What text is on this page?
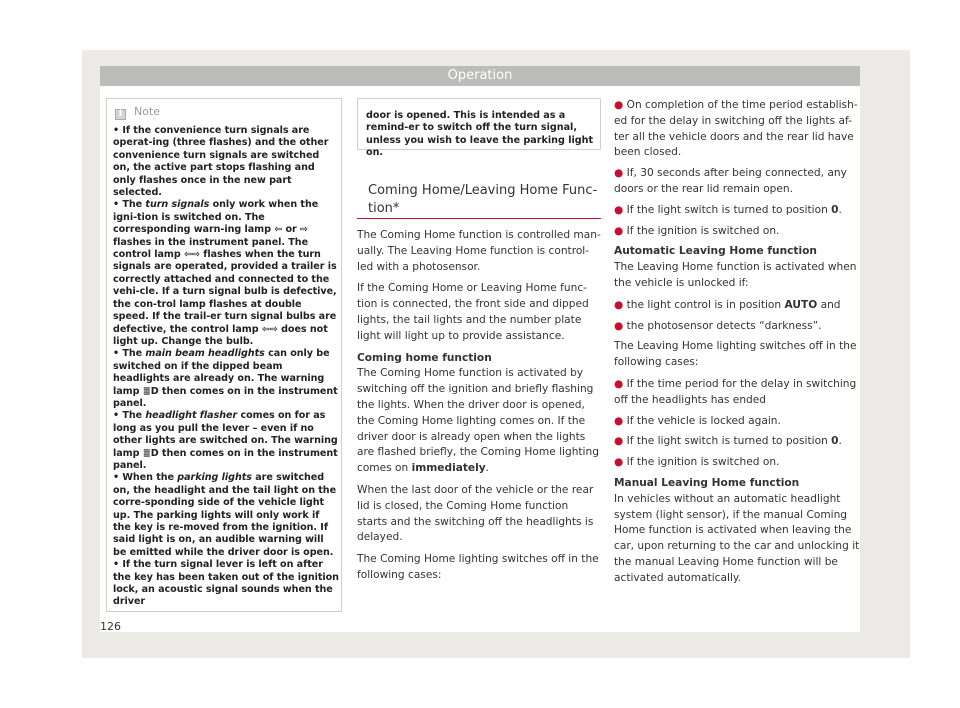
Operation
i Note

• If the convenience turn signals are operat-ing (three flashes) and the other convenience turn signals are switched on, the active part stops flashing and only flashes once in the new part selected.

• The turn signals only work when the igni-tion is switched on. The corresponding warn-ing lamp ⇦ or ⇨ flashes in the instrument panel. The control lamp ⇦⇨ flashes when the turn signals are operated, provided a trailer is correctly attached and connected to the vehi-cle. If a turn signal bulb is defective, the con-trol lamp flashes at double speed. If the trail-er turn signal bulbs are defective, the control lamp ⇦⇨ does not light up. Change the bulb.

• The main beam headlights can only be switched on if the dipped beam headlights are already on. The warning lamp ≣D then comes on in the instrument panel.

• The headlight flasher comes on for as long as you pull the lever – even if no other lights are switched on. The warning lamp ≣D then comes on in the instrument panel.

• When the parking lights are switched on, the headlight and the tail light on the corre-sponding side of the vehicle light up. The parking lights will only work if the key is re-moved from the ignition. If said light is on, an audible warning will be emitted while the driver door is open.

• If the turn signal lever is left on after the key has been taken out of the ignition lock, an acoustic signal sounds when the driver

door is opened. This is intended as a remind-er to switch off the turn signal, unless you wish to leave the parking light on.
Coming Home/Leaving Home Func-tion*

The Coming Home function is controlled man-ually. The Leaving Home function is control-led with a photosensor.

If the Coming Home or Leaving Home func-tion is connected, the front side and dipped lights, the tail lights and the number plate light will light up to provide assistance.

Coming home function

The Coming Home function is activated by switching off the ignition and briefly flashing the lights. When the driver door is opened, the Coming Home lighting comes on. If the driver door is already open when the lights are flashed briefly, the Coming Home lighting comes on immediately.

When the last door of the vehicle or the rear lid is closed, the Coming Home function starts and the switching off the headlights is delayed.

The Coming Home lighting switches off in the following cases:

● On completion of the time period establish-ed for the delay in switching off the lights af-ter all the vehicle doors and the rear lid have been closed.

● If, 30 seconds after being connected, any doors or the rear lid remain open.

● If the light switch is turned to position 0.

● If the ignition is switched on.

Automatic Leaving Home function

The Leaving Home function is activated when the vehicle is unlocked if:

● the light control is in position AUTO and

● the photosensor detects “darkness”.

The Leaving Home lighting switches off in the following cases:

● If the time period for the delay in switching off the headlights has ended

● If the vehicle is locked again.

● If the light switch is turned to position 0.

● If the ignition is switched on.

Manual Leaving Home function

In vehicles without an automatic headlight system (light sensor), if the manual Coming Home function is activated when leaving the car, upon returning to the car and unlocking it the manual Leaving Home function will be activated automatically.

126
